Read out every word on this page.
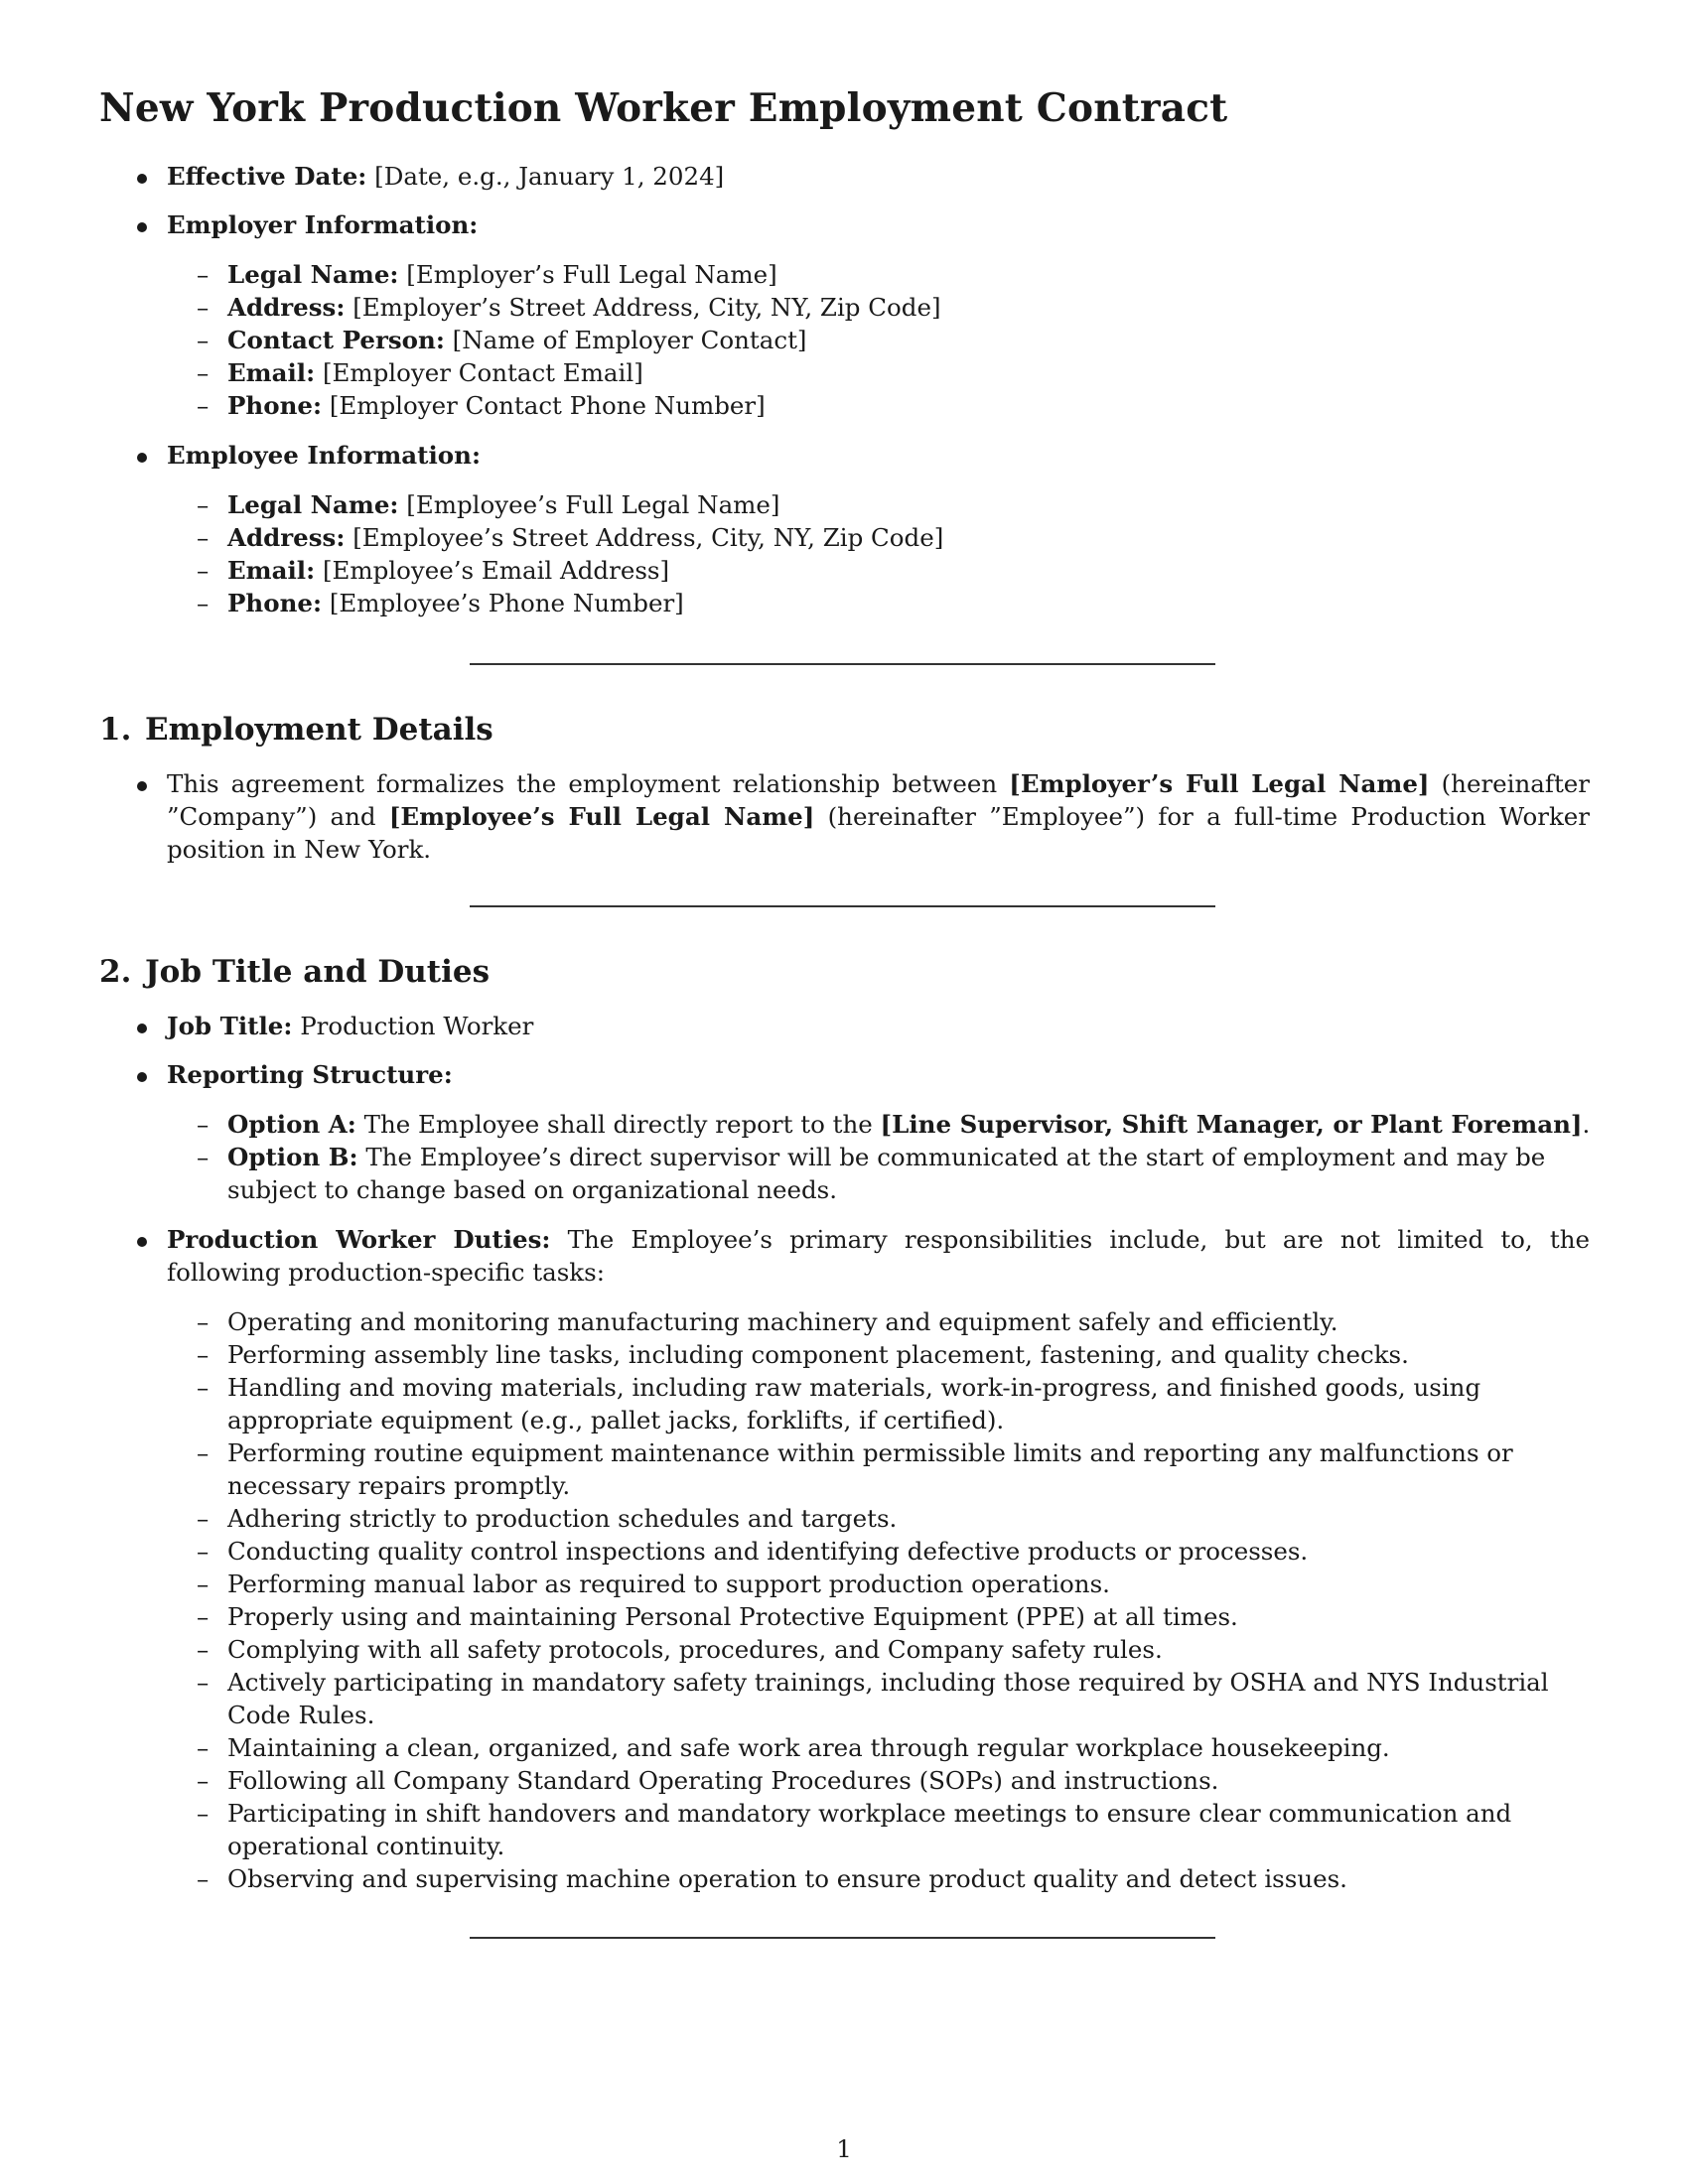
New York Production Worker Employment Contract
Effective Date: [Date, e.g., January 1, 2024]
Employer Information:
– Legal Name: [Employer’s Full Legal Name]
– Address: [Employer’s Street Address, City, NY, Zip Code]
– Contact Person: [Name of Employer Contact]
– Email: [Employer Contact Email]
– Phone: [Employer Contact Phone Number]
Employee Information:
– Legal Name: [Employee’s Full Legal Name]
– Address: [Employee’s Street Address, City, NY, Zip Code]
– Email: [Employee’s Email Address]
– Phone: [Employee’s Phone Number]
1. Employment Details
This agreement formalizes the employment relationship between [Employer’s Full Legal Name] (hereinafter ”Company”) and [Employee’s Full Legal Name] (hereinafter ”Employee”) for a full-time Production Worker position in New York.
2. Job Title and Duties
Job Title: Production Worker
Reporting Structure:
– Option A: The Employee shall directly report to the [Line Supervisor, Shift Manager, or Plant Foreman].
– Option B: The Employee’s direct supervisor will be communicated at the start of employment and may be subject to change based on organizational needs.
Production Worker Duties: The Employee’s primary responsibilities include, but are not limited to, the following production-specific tasks:
– Operating and monitoring manufacturing machinery and equipment safely and efficiently.
– Performing assembly line tasks, including component placement, fastening, and quality checks.
– Handling and moving materials, including raw materials, work-in-progress, and finished goods, using appropriate equipment (e.g., pallet jacks, forklifts, if certified).
– Performing routine equipment maintenance within permissible limits and reporting any malfunctions or necessary repairs promptly.
– Adhering strictly to production schedules and targets.
– Conducting quality control inspections and identifying defective products or processes.
– Performing manual labor as required to support production operations.
– Properly using and maintaining Personal Protective Equipment (PPE) at all times.
– Complying with all safety protocols, procedures, and Company safety rules.
– Actively participating in mandatory safety trainings, including those required by OSHA and NYS Industrial Code Rules.
– Maintaining a clean, organized, and safe work area through regular workplace housekeeping.
– Following all Company Standard Operating Procedures (SOPs) and instructions.
– Participating in shift handovers and mandatory workplace meetings to ensure clear communication and operational continuity.
– Observing and supervising machine operation to ensure product quality and detect issues.
1
